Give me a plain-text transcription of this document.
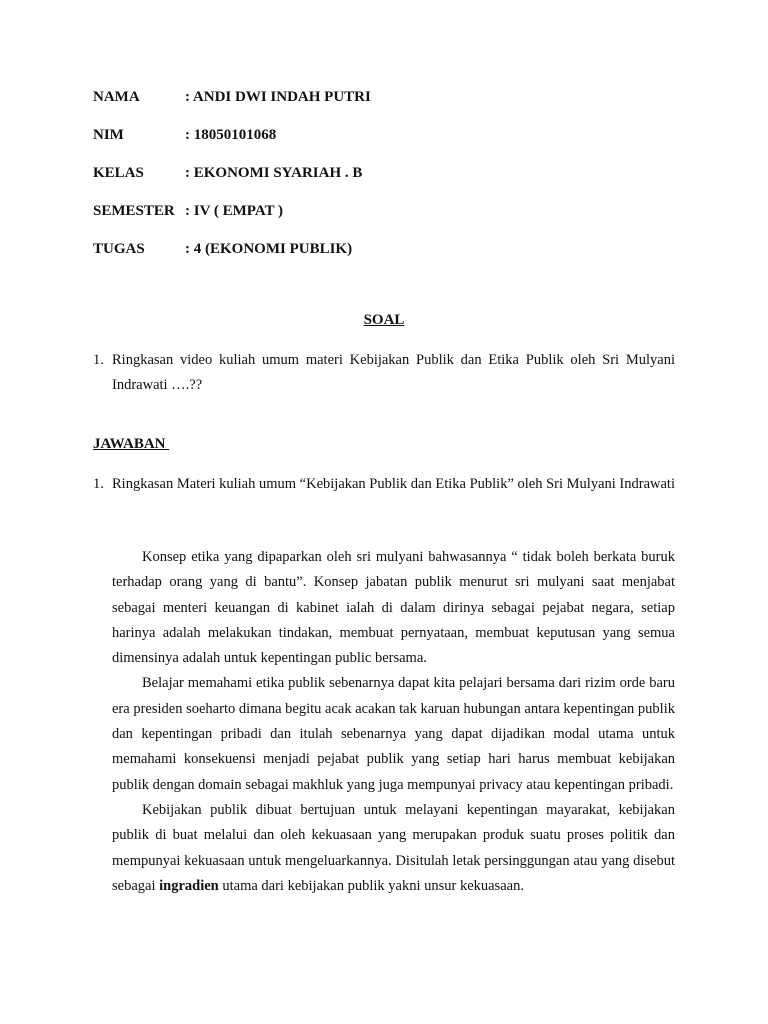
NAMA	: ANDI DWI INDAH PUTRI
NIM	: 18050101068
KELAS	: EKONOMI SYARIAH . B
SEMESTER : IV ( EMPAT )
TUGAS	: 4 (EKONOMI PUBLIK)
SOAL
1. Ringkasan video kuliah umum materi Kebijakan Publik dan Etika Publik oleh Sri Mulyani Indrawati ….??
JAWABAN
1. Ringkasan Materi kuliah umum “Kebijakan Publik dan Etika Publik” oleh Sri Mulyani Indrawati

Konsep etika yang dipaparkan oleh sri mulyani bahwasannya “ tidak boleh berkata buruk terhadap orang yang di bantu”. Konsep jabatan publik menurut sri mulyani saat menjabat sebagai menteri keuangan di kabinet ialah di dalam dirinya sebagai pejabat negara, setiap harinya adalah melakukan tindakan, membuat pernyataan, membuat keputusan yang semua dimensinya adalah untuk kepentingan public bersama.

Belajar memahami etika publik sebenarnya dapat kita pelajari bersama dari rizim orde baru era presiden soeharto dimana begitu acak acakan tak karuan hubungan antara kepentingan publik dan kepentingan pribadi dan itulah sebenarnya yang dapat dijadikan modal utama untuk memahami konsekuensi menjadi pejabat publik yang setiap hari harus membuat kebijakan publik dengan domain sebagai makhluk yang juga mempunyai privacy atau kepentingan pribadi.

Kebijakan publik dibuat bertujuan untuk melayani kepentingan mayarakat, kebijakan publik di buat melalui dan oleh kekuasaan yang merupakan produk suatu proses politik dan mempunyai kekuasaan untuk mengeluarkannya. Disitulah letak persinggungan atau yang disebut sebagai ingradien utama dari kebijakan publik yakni unsur kekuasaan.
